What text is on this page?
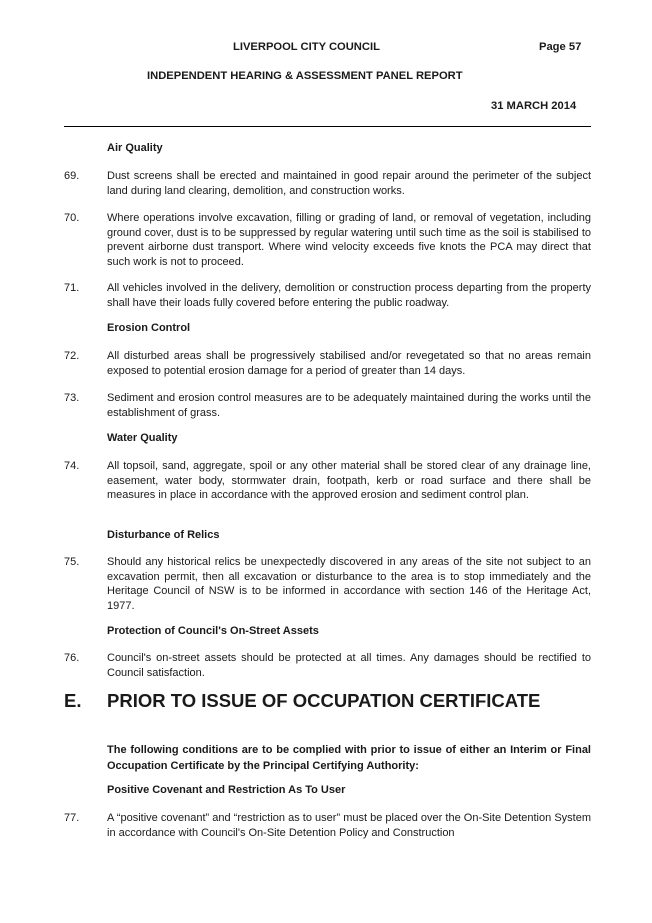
LIVERPOOL CITY COUNCIL	Page 57
INDEPENDENT HEARING & ASSESSMENT PANEL REPORT
31 MARCH 2014
Air Quality
69.	Dust screens shall be erected and maintained in good repair around the perimeter of the subject land during land clearing, demolition, and construction works.
70.	Where operations involve excavation, filling or grading of land, or removal of vegetation, including ground cover, dust is to be suppressed by regular watering until such time as the soil is stabilised to prevent airborne dust transport. Where wind velocity exceeds five knots the PCA may direct that such work is not to proceed.
71.	All vehicles involved in the delivery, demolition or construction process departing from the property shall have their loads fully covered before entering the public roadway.
Erosion Control
72.	All disturbed areas shall be progressively stabilised and/or revegetated so that no areas remain exposed to potential erosion damage for a period of greater than 14 days.
73.	Sediment and erosion control measures are to be adequately maintained during the works until the establishment of grass.
Water Quality
74.	All topsoil, sand, aggregate, spoil or any other material shall be stored clear of any drainage line, easement, water body, stormwater drain, footpath, kerb or road surface and there shall be measures in place in accordance with the approved erosion and sediment control plan.
Disturbance of Relics
75.	Should any historical relics be unexpectedly discovered in any areas of the site not subject to an excavation permit, then all excavation or disturbance to the area is to stop immediately and the Heritage Council of NSW is to be informed in accordance with section 146 of the Heritage Act, 1977.
Protection of Council's On-Street Assets
76.	Council's on-street assets should be protected at all times. Any damages should be rectified to Council satisfaction.
E. PRIOR TO ISSUE OF OCCUPATION CERTIFICATE
The following conditions are to be complied with prior to issue of either an Interim or Final Occupation Certificate by the Principal Certifying Authority:
Positive Covenant and Restriction As To User
77.	A “positive covenant” and “restriction as to user” must be placed over the On-Site Detention System in accordance with Council's On-Site Detention Policy and Construction
